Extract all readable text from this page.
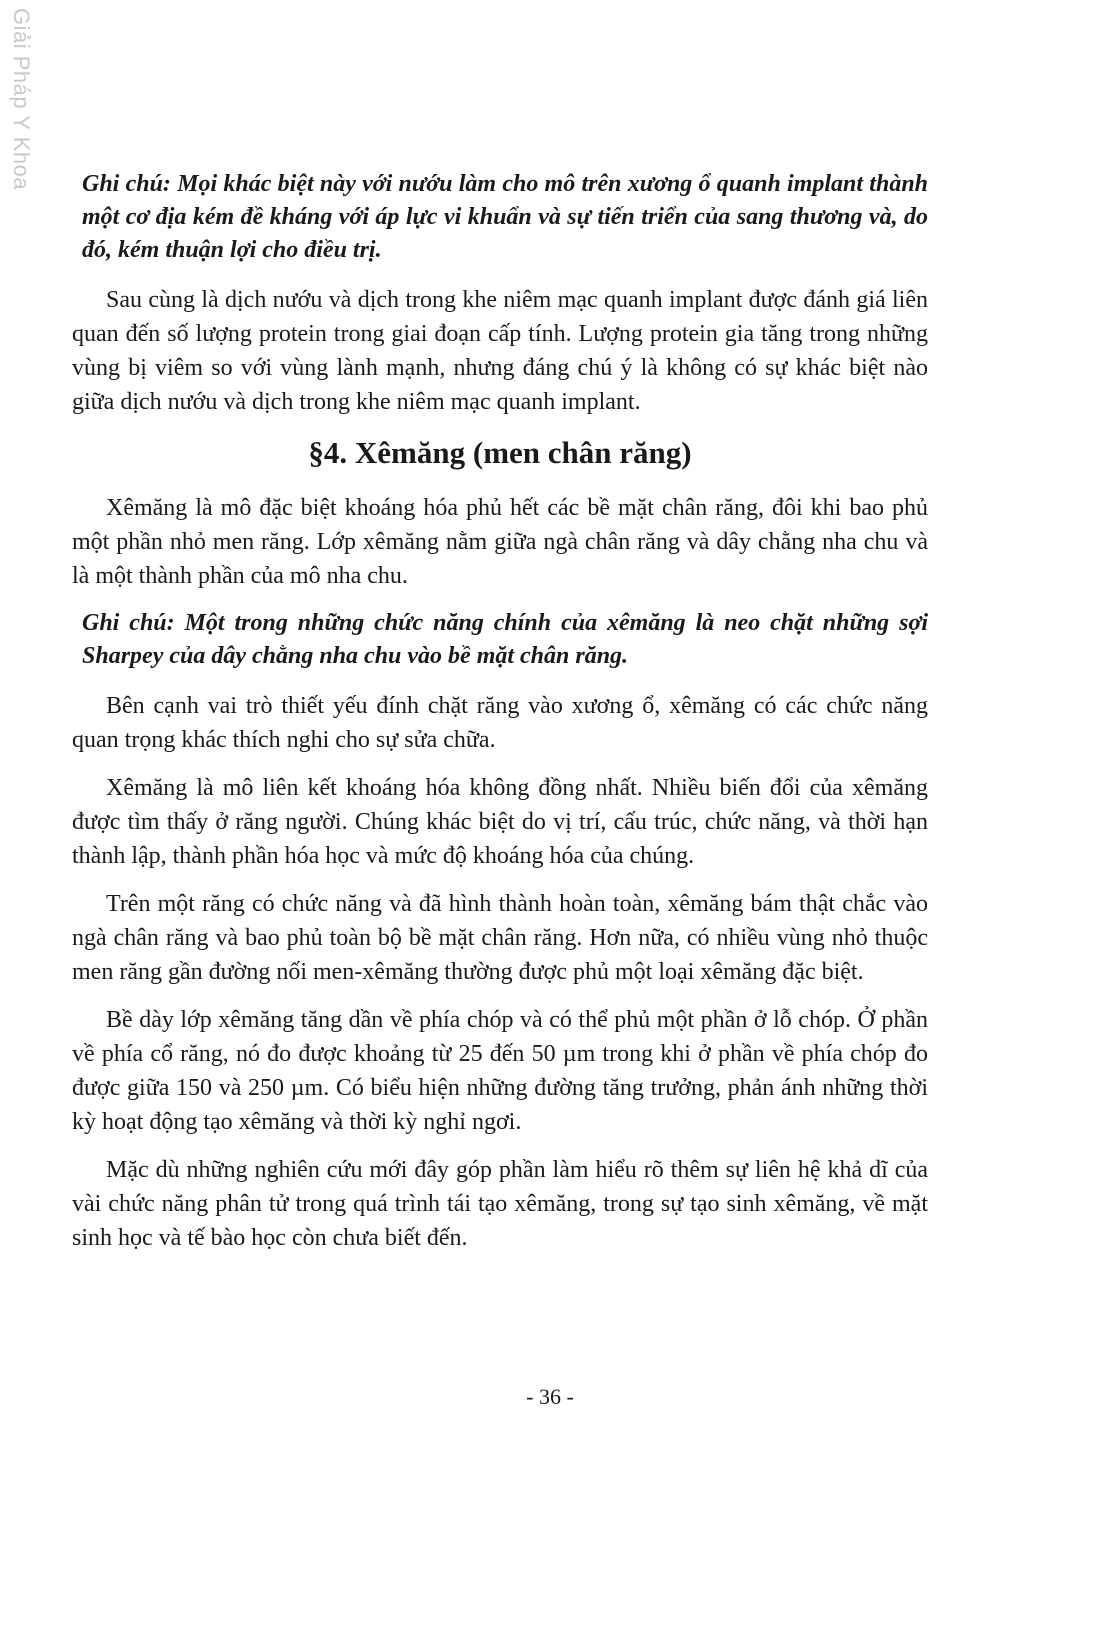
Giải Pháp Y Khoa	Ghi chú: Mọi khác biệt này với nướu làm cho mô trên xương ổ quanh implant thành một cơ địa kém đề kháng với áp lực vi khuẩn và sự tiến triển của sang thương và, do đó, kém thuận lợi cho điều trị.

Sau cùng là dịch nướu và dịch trong khe niêm mạc quanh implant được đánh giá liên quan đến số lượng protein trong giai đoạn cấp tính. Lượng protein gia tăng trong những vùng bị viêm so với vùng lành mạnh, nhưng đáng chú ý là không có sự khác biệt nào giữa dịch nướu và dịch trong khe niêm mạc quanh implant.

§4. Xêmăng (men chân răng)

Xêmăng là mô đặc biệt khoáng hóa phủ hết các bề mặt chân răng, đôi khi bao phủ một phần nhỏ men răng. Lớp xêmăng nằm giữa ngà chân răng và dây chằng nha chu và là một thành phần của mô nha chu.

Ghi chú: Một trong những chức năng chính của xêmăng là neo chặt những sợi Sharpey của dây chằng nha chu vào bề mặt chân răng.

Bên cạnh vai trò thiết yếu đính chặt răng vào xương ổ, xêmăng có các chức năng quan trọng khác thích nghi cho sự sửa chữa.

Xêmăng là mô liên kết khoáng hóa không đồng nhất. Nhiều biến đổi của xêmăng được tìm thấy ở răng người. Chúng khác biệt do vị trí, cấu trúc, chức năng, và thời hạn thành lập, thành phần hóa học và mức độ khoáng hóa của chúng.

Trên một răng có chức năng và đã hình thành hoàn toàn, xêmăng bám thật chắc vào ngà chân răng và bao phủ toàn bộ bề mặt chân răng. Hơn nữa, có nhiều vùng nhỏ thuộc men răng gần đường nối men-xêmăng thường được phủ một loại xêmăng đặc biệt.

Bề dày lớp xêmăng tăng dần về phía chóp và có thể phủ một phần ở lỗ chóp. Ở phần về phía cổ răng, nó đo được khoảng từ 25 đến 50 µm trong khi ở phần về phía chóp đo được giữa 150 và 250 µm. Có biểu hiện những đường tăng trưởng, phản ánh những thời kỳ hoạt động tạo xêmăng và thời kỳ nghỉ ngơi.

Mặc dù những nghiên cứu mới đây góp phần làm hiểu rõ thêm sự liên hệ khả dĩ của vài chức năng phân tử trong quá trình tái tạo xêmăng, trong sự tạo sinh xêmăng, về mặt sinh học và tế bào học còn chưa biết đến.

- 36 -
